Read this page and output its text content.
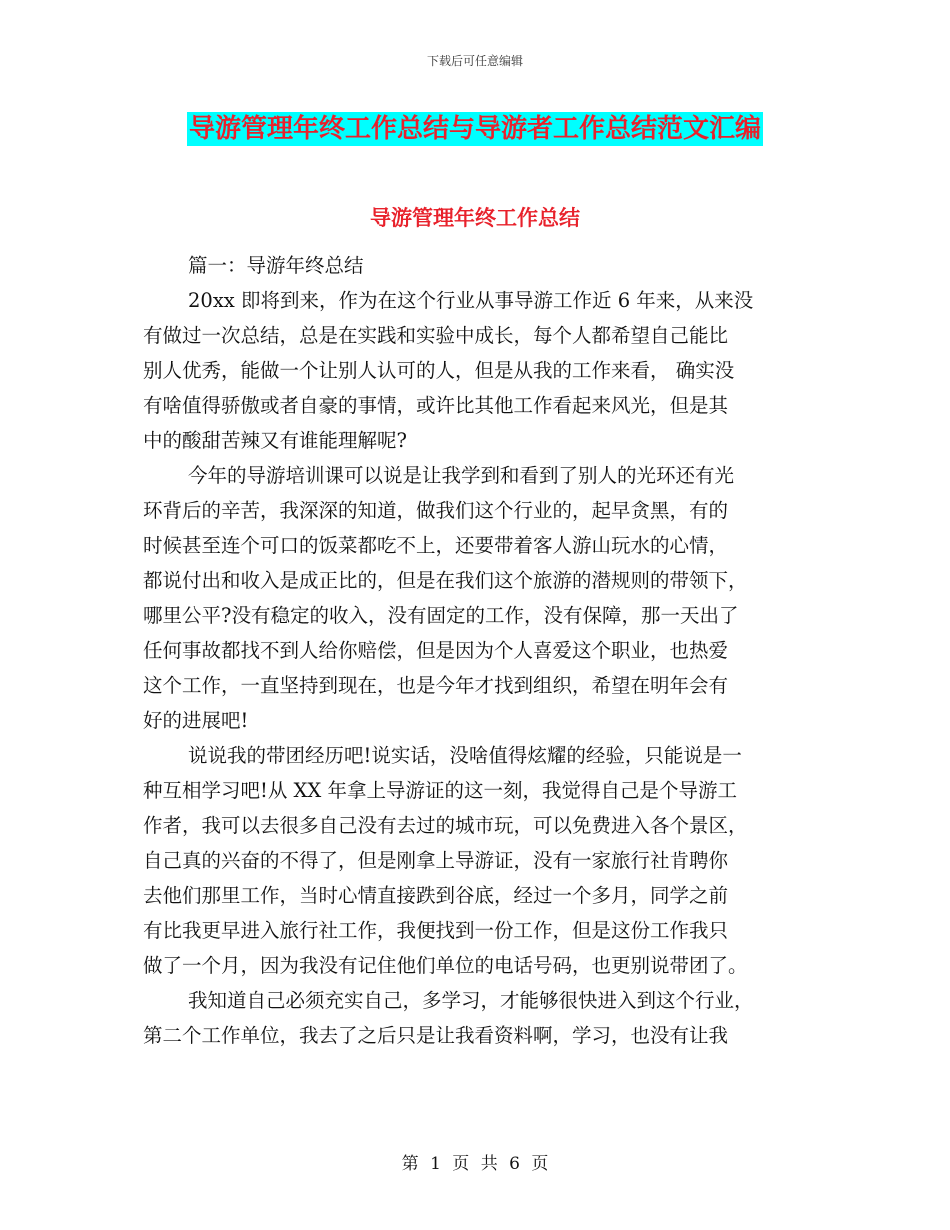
下载后可任意编辑
导游管理年终工作总结与导游者工作总结范文汇编
导游管理年终工作总结
篇一：导游年终总结
20xx 即将到来，作为在这个行业从事导游工作近 6 年来，从来没
有做过一次总结，总是在实践和实验中成长，每个人都希望自己能比
别人优秀，能做一个让别人认可的人，但是从我的工作来看， 确实没
有啥值得骄傲或者自豪的事情，或许比其他工作看起来风光，但是其
中的酸甜苦辣又有谁能理解呢?
今年的导游培训课可以说是让我学到和看到了别人的光环还有光
环背后的辛苦，我深深的知道，做我们这个行业的，起早贪黑，有的
时候甚至连个可口的饭菜都吃不上，还要带着客人游山玩水的心情，
都说付出和收入是成正比的，但是在我们这个旅游的潜规则的带领下，
哪里公平?没有稳定的收入，没有固定的工作，没有保障，那一天出了
任何事故都找不到人给你赔偿，但是因为个人喜爱这个职业，也热爱
这个工作，一直坚持到现在，也是今年才找到组织，希望在明年会有
好的进展吧!
说说我的带团经历吧!说实话，没啥值得炫耀的经验，只能说是一
种互相学习吧!从 XX 年拿上导游证的这一刻，我觉得自己是个导游工
作者，我可以去很多自己没有去过的城市玩，可以免费进入各个景区，
自己真的兴奋的不得了，但是刚拿上导游证，没有一家旅行社肯聘你
去他们那里工作，当时心情直接跌到谷底，经过一个多月，同学之前
有比我更早进入旅行社工作，我便找到一份工作，但是这份工作我只
做了一个月，因为我没有记住他们单位的电话号码，也更别说带团了。
我知道自己必须充实自己，多学习，才能够很快进入到这个行业，
第二个工作单位，我去了之后只是让我看资料啊，学习，也没有让我
第 1 页 共 6 页
